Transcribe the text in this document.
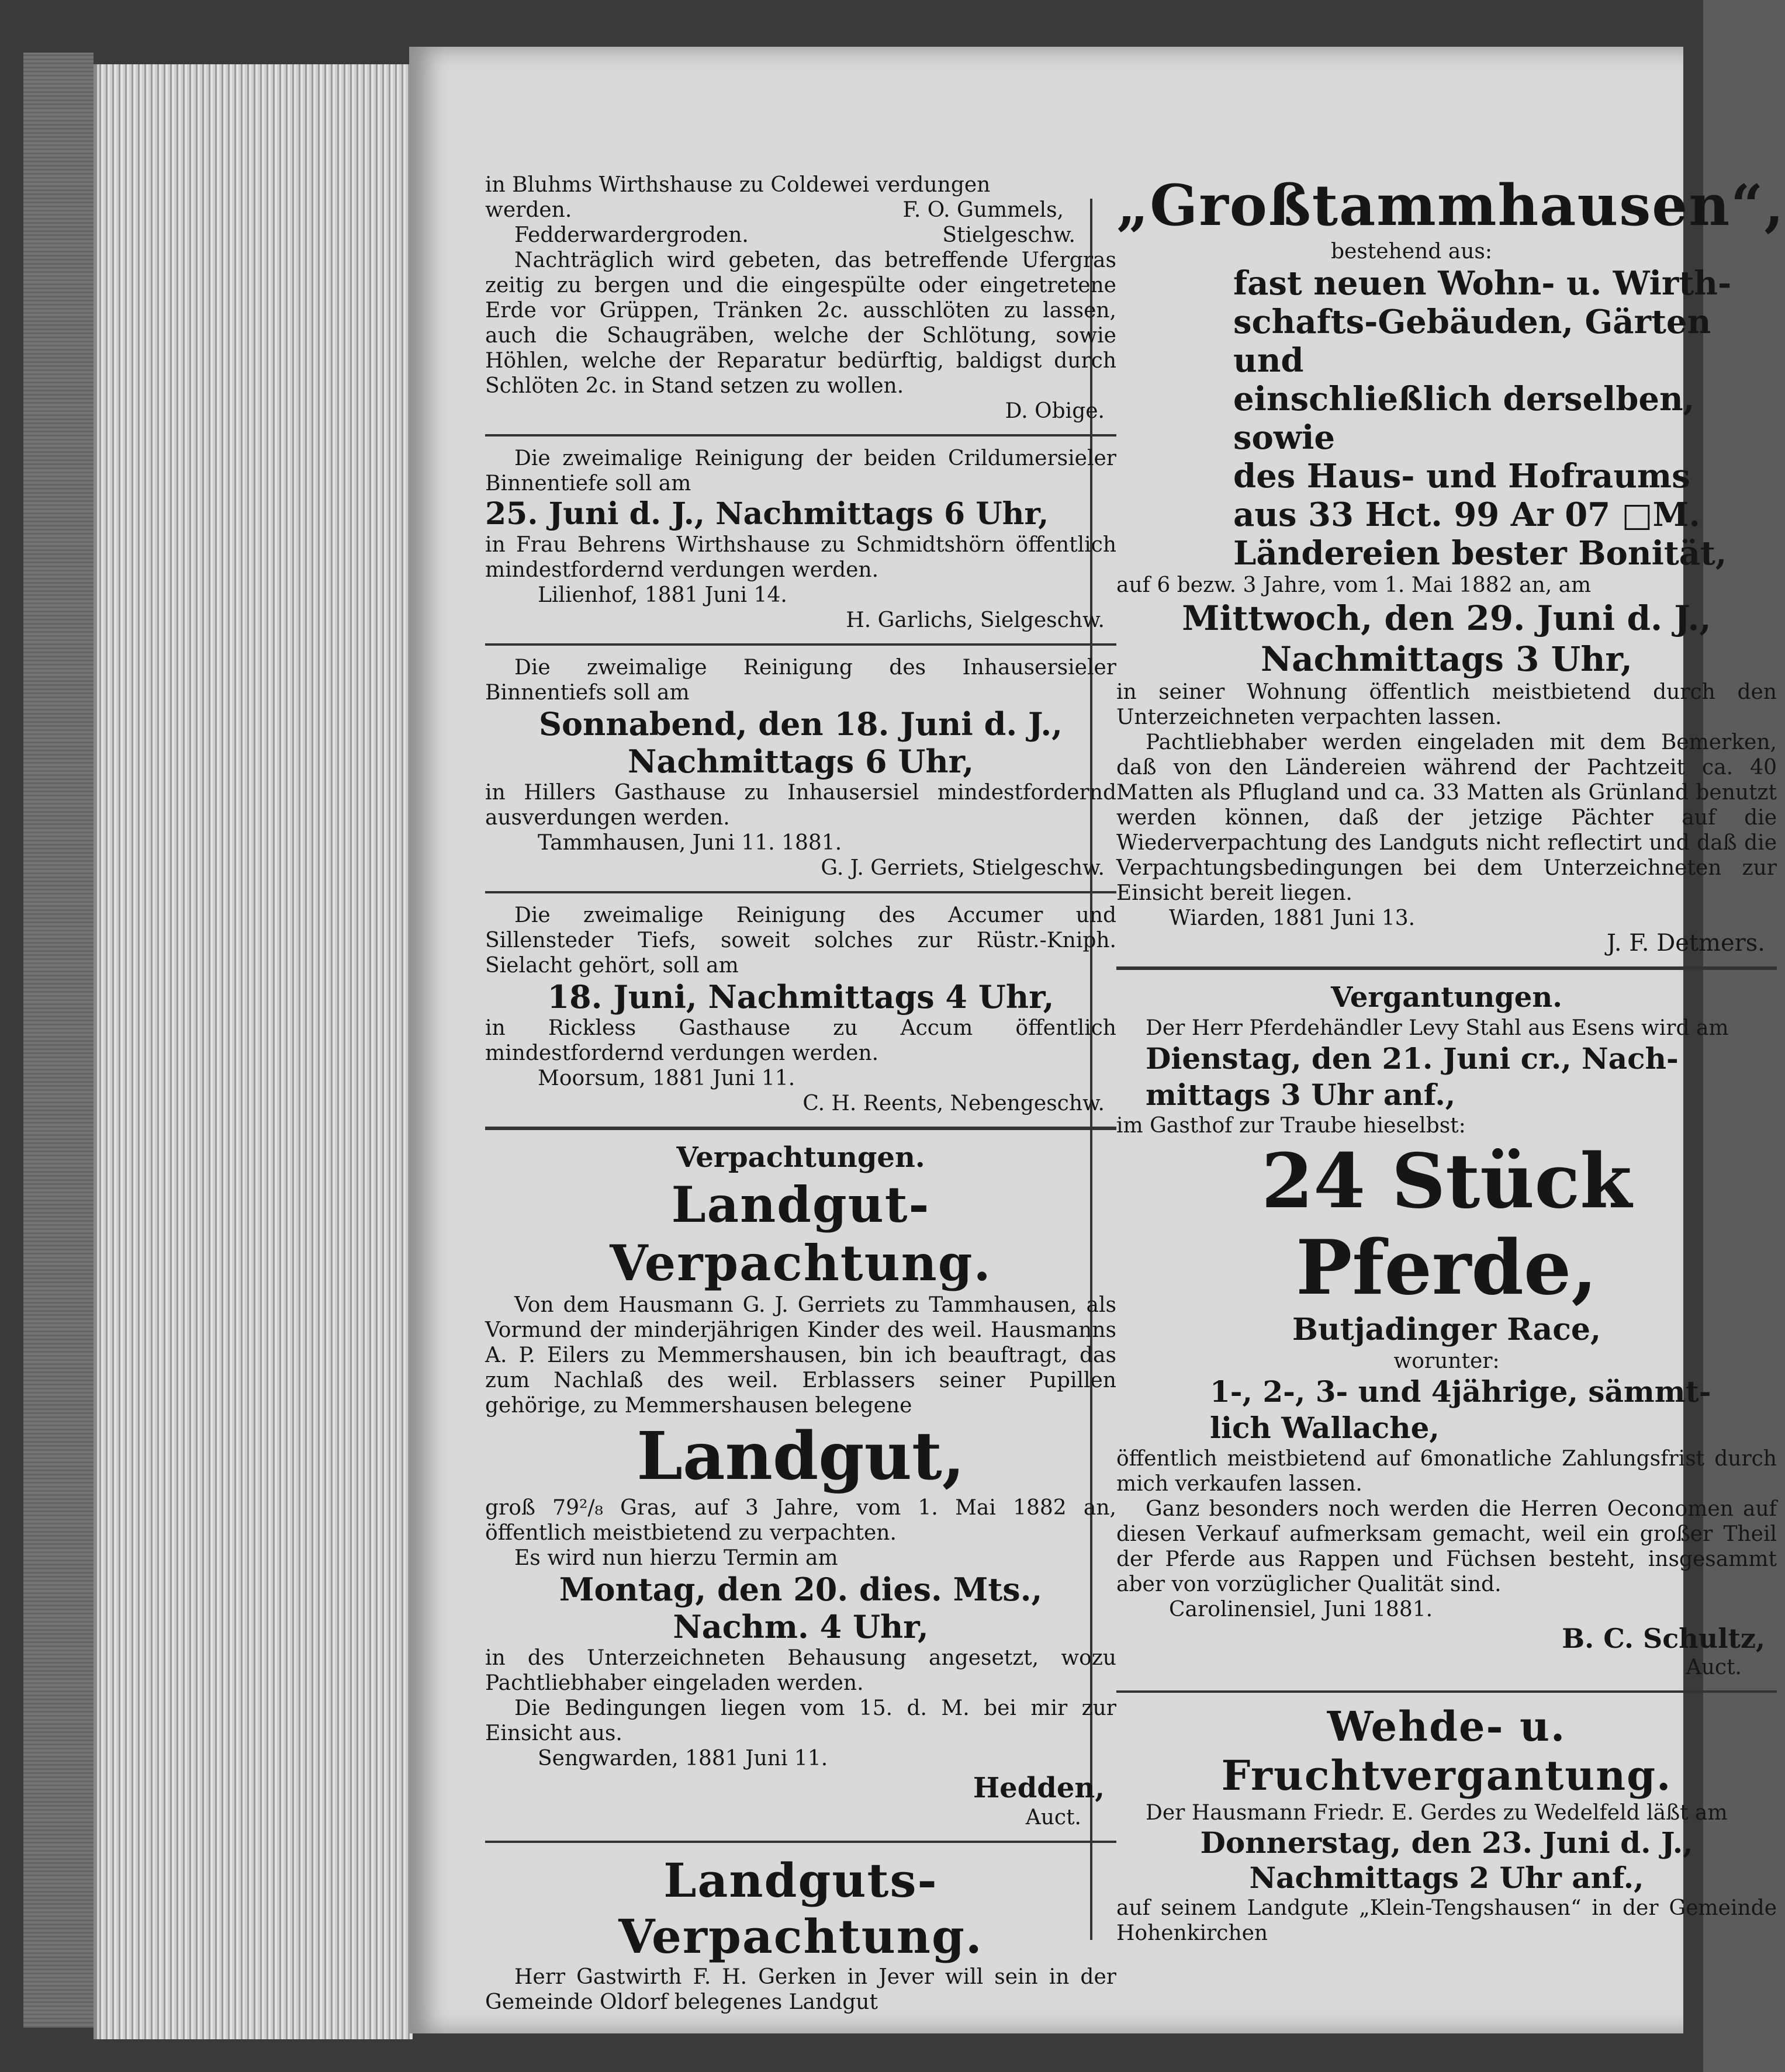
in Bluhms Wirthshause zu Coldewei verdungen

werden.	F. O. Gummels,

Fedderwardergroden.	Stielgeschw.

Nachträglich wird gebeten, das betreffende Ufergras zeitig zu bergen und die eingespülte oder eingetretene Erde vor Grüppen, Tränken 2c. ausschlöten zu lassen, auch die Schaugräben, welche der Schlötung, sowie Höhlen, welche der Reparatur bedürftig, baldigst durch Schlöten 2c. in Stand setzen zu wollen.

D. Obige.

Die zweimalige Reinigung der beiden Crildumersieler Binnentiefe soll am

25. Juni d. J., Nachmittags 6 Uhr,

in Frau Behrens Wirthshause zu Schmidtshörn öffentlich mindestfordernd verdungen werden.

Lilienhof, 1881 Juni 14.

H. Garlichs, Sielgeschw.

Die zweimalige Reinigung des Inhausersieler Binnentiefs soll am

Sonnabend, den 18. Juni d. J.,

Nachmittags 6 Uhr,

in Hillers Gasthause zu Inhausersiel mindestfordernd ausverdungen werden.

Tammhausen, Juni 11. 1881.

G. J. Gerriets, Stielgeschw.

Die zweimalige Reinigung des Accumer und Sillensteder Tiefs, soweit solches zur Rüstr.-Kniph. Sielacht gehört, soll am

18. Juni, Nachmittags 4 Uhr,

in Rickless Gasthause zu Accum öffentlich mindestfordernd verdungen werden.

Moorsum, 1881 Juni 11.

C. H. Reents, Nebengeschw.

Verpachtungen.

Landgut-Verpachtung.

Von dem Hausmann G. J. Gerriets zu Tammhausen, als Vormund der minderjährigen Kinder des weil. Hausmanns A. P. Eilers zu Memmershausen, bin ich beauftragt, das zum Nachlaß des weil. Erblassers seiner Pupillen gehörige, zu Memmershausen belegene

Landgut,

groß 79²/₈ Gras, auf 3 Jahre, vom 1. Mai 1882 an, öffentlich meistbietend zu verpachten.

Es wird nun hierzu Termin am

Montag, den 20. dies. Mts.,

Nachm. 4 Uhr,

in des Unterzeichneten Behausung angesetzt, wozu Pachtliebhaber eingeladen werden.

Die Bedingungen liegen vom 15. d. M. bei mir zur Einsicht aus.

Sengwarden, 1881 Juni 11.

Hedden,

Auct.

Landguts-Verpachtung.

Herr Gastwirth F. H. Gerken in Jever will sein in der Gemeinde Oldorf belegenes Landgut

„Großtammhausen“,

bestehend aus:

fast neuen Wohn- u. Wirth-

schafts-Gebäuden, Gärten und

einschließlich derselben, sowie

des Haus- und Hofraums

aus 33 Hct. 99 Ar 07 □M.

Ländereien bester Bonität,

auf 6 bezw. 3 Jahre, vom 1. Mai 1882 an, am

Mittwoch, den 29. Juni d. J.,

Nachmittags 3 Uhr,

in seiner Wohnung öffentlich meistbietend durch den Unterzeichneten verpachten lassen.

Pachtliebhaber werden eingeladen mit dem Bemerken, daß von den Ländereien während der Pachtzeit ca. 40 Matten als Pflugland und ca. 33 Matten als Grünland benutzt werden können, daß der jetzige Pächter auf die Wiederverpachtung des Landguts nicht reflectirt und daß die Verpachtungsbedingungen bei dem Unterzeichneten zur Einsicht bereit liegen.

Wiarden, 1881 Juni 13.

J. F. Detmers.

Vergantungen.

Der Herr Pferdehändler Levy Stahl aus Esens wird am

Dienstag, den 21. Juni cr., Nach-

mittags 3 Uhr anf.,

im Gasthof zur Traube hieselbst:

24 Stück Pferde,

Butjadinger Race,

worunter:

1-, 2-, 3- und 4jährige, sämmt-

lich Wallache,

öffentlich meistbietend auf 6monatliche Zahlungsfrist durch mich verkaufen lassen.

Ganz besonders noch werden die Herren Oeconomen auf diesen Verkauf aufmerksam gemacht, weil ein großer Theil der Pferde aus Rappen und Füchsen besteht, insgesammt aber von vorzüglicher Qualität sind.

Carolinensiel, Juni 1881.

B. C. Schultz,

Auct.

Wehde- u. Fruchtvergantung.

Der Hausmann Friedr. E. Gerdes zu Wedelfeld läßt am

Donnerstag, den 23. Juni d. J.,

Nachmittags 2 Uhr anf.,

auf seinem Landgute „Klein-Tengshausen“ in der Gemeinde Hohenkirchen
